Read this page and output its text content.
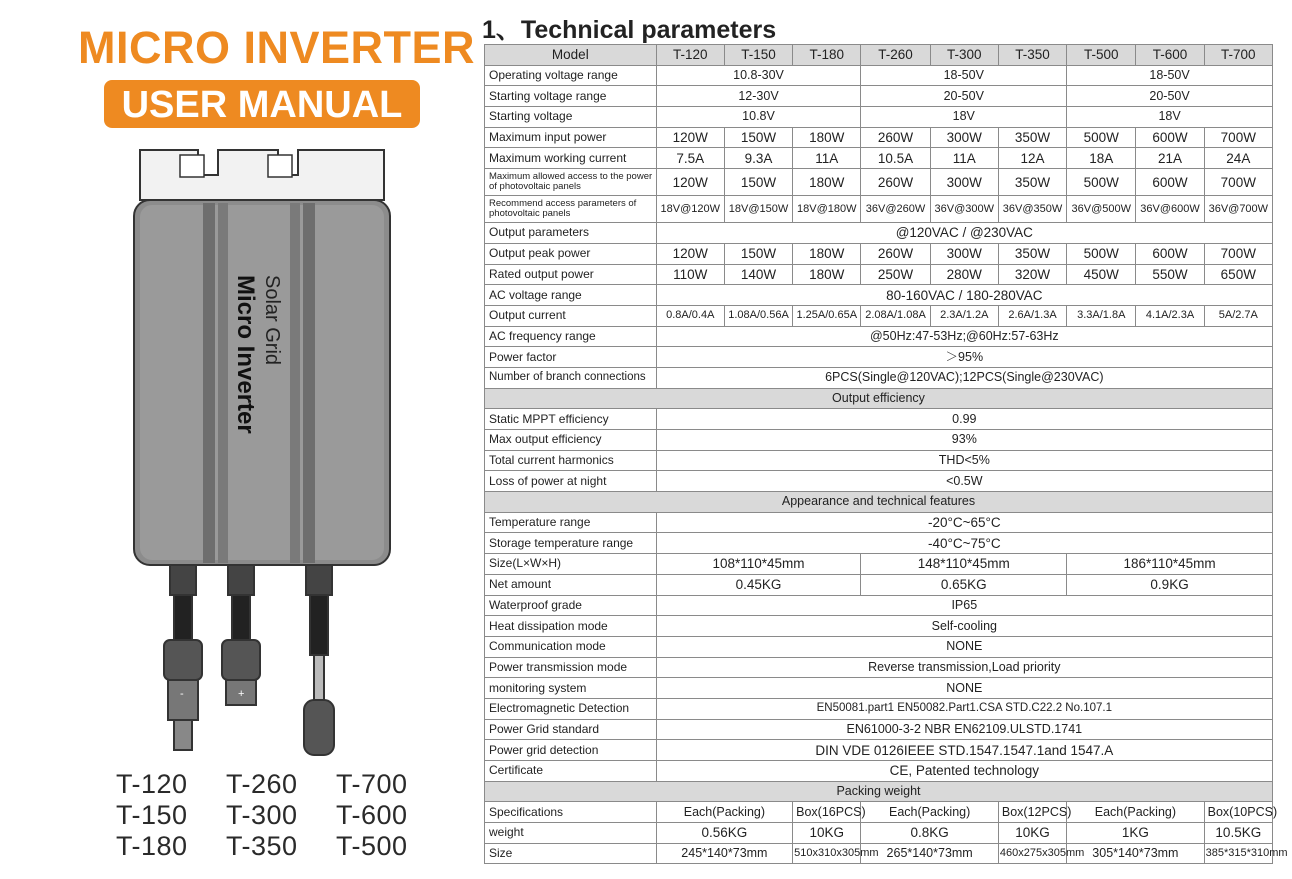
MICRO INVERTER
USER MANUAL
Solar Grid
Micro Inverter
-	+
T-120	T-260	T-700
T-150	T-300	T-600
T-180	T-350	T-500
1、Technical parameters
Model	T-120	T-150	T-180	T-260	T-300	T-350	T-500	T-600	T-700
Operating voltage range	10.8-30V			18-50V			18-50V		
Starting voltage range	12-30V			20-50V			20-50V		
Starting voltage	10.8V			18V			18V		
Maximum input power	120W	150W	180W	260W	300W	350W	500W	600W	700W
Maximum working current	7.5A	9.3A	11A	10.5A	11A	12A	18A	21A	24A
Maximum allowed access to the power of photovoltaic panels	120W	150W	180W	260W	300W	350W	500W	600W	700W
Recommend access parameters of photovoltaic panels	18V@120W	18V@150W	18V@180W	36V@260W	36V@300W	36V@350W	36V@500W	36V@600W	36V@700W
Output parameters	@120VAC / @230VAC								
Output peak power	120W	150W	180W	260W	300W	350W	500W	600W	700W
Rated output power	110W	140W	180W	250W	280W	320W	450W	550W	650W
AC voltage range	80-160VAC / 180-280VAC								
Output current	0.8A/0.4A	1.08A/0.56A	1.25A/0.65A	2.08A/1.08A	2.3A/1.2A	2.6A/1.3A	3.3A/1.8A	4.1A/2.3A	5A/2.7A
AC frequency range	@50Hz:47-53Hz;@60Hz:57-63Hz								
Power factor	＞95%								
Number of branch connections	6PCS(Single@120VAC);12PCS(Single@230VAC)								
Output efficiency									
Static MPPT efficiency	0.99								
Max output efficiency	93%								
Total current harmonics	THD<5%								
Loss of power at night	<0.5W								
Appearance and technical features									
Temperature range	-20°C~65°C								
Storage temperature range	-40°C~75°C								
Size(L×W×H)	108*110*45mm			148*110*45mm			186*110*45mm		
Net amount	0.45KG			0.65KG			0.9KG		
Waterproof grade	IP65								
Heat dissipation mode	Self-cooling								
Communication mode	NONE								
Power transmission mode	Reverse transmission,Load priority								
monitoring system	NONE								
Electromagnetic Detection	EN50081.part1 EN50082.Part1.CSA STD.C22.2 No.107.1								
Power Grid standard	EN61000-3-2 NBR EN62109.ULSTD.1741								
Power grid detection	DIN VDE 0126IEEE STD.1547.1547.1and 1547.A								
Certificate	CE, Patented technology								
Packing weight									
Specifications	Each(Packing)		Box(16PCS)	Each(Packing)		Box(12PCS)	Each(Packing)		Box(10PCS)
weight	0.56KG		10KG	0.8KG		10KG	1KG		10.5KG
Size	245*140*73mm		510x310x305mm	265*140*73mm		460x275x305mm	305*140*73mm		385*315*310mm
